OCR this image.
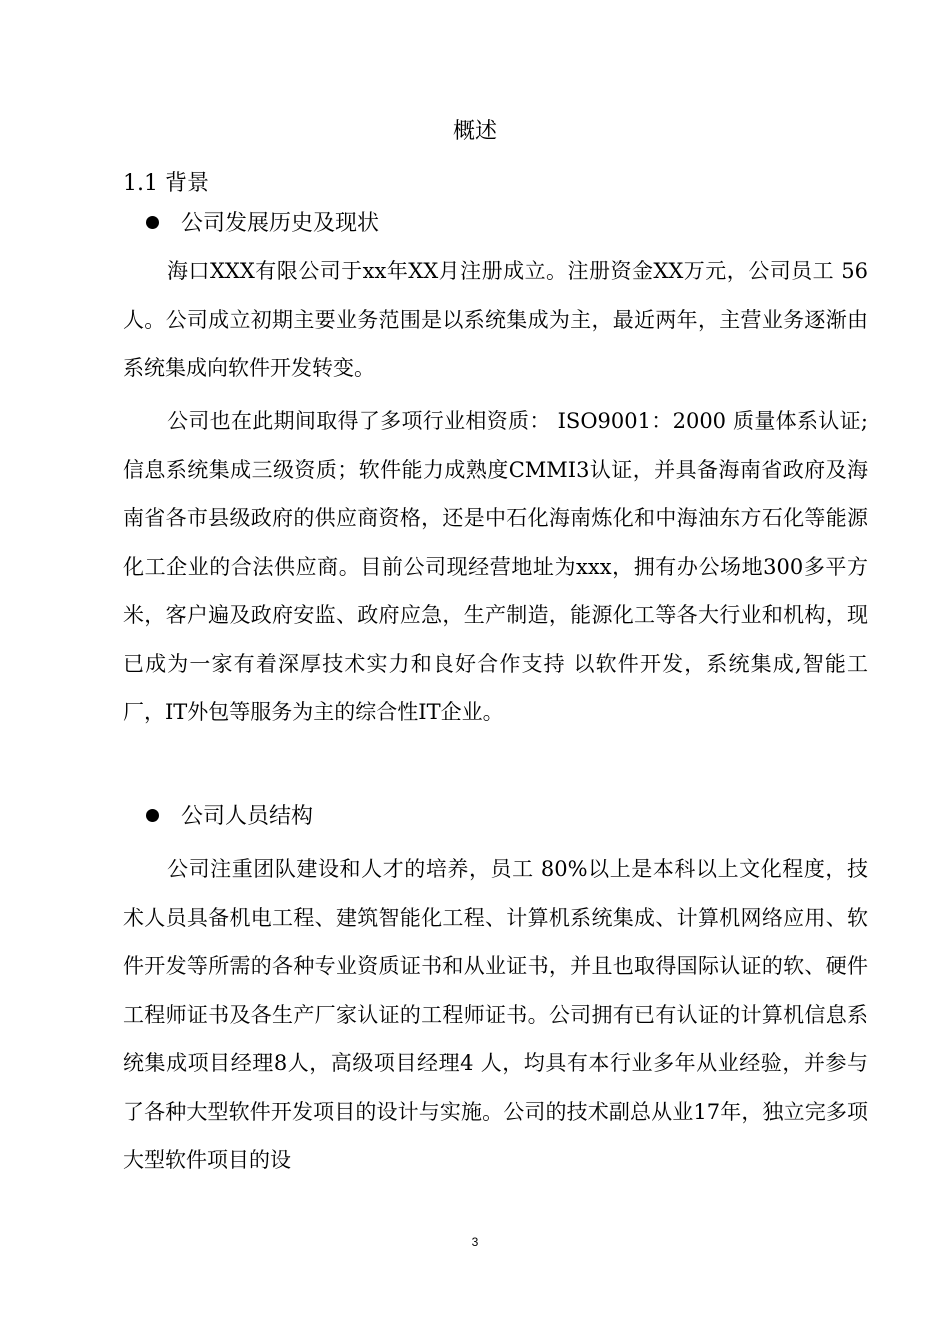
概述
1.1 背景
公司发展历史及现状

海口XXX有限公司于xx年XX月注册成立。注册资金XX万元，公司员工 56 人。公司成立初期主要业务范围是以系统集成为主，最近两年，主营业务逐渐由系统集成向软件开发转变。

公司也在此期间取得了多项行业相资质： ISO9001：2000 质量体系认证;信息系统集成三级资质；软件能力成熟度CMMI3认证，并具备海南省政府及海南省各市县级政府的供应商资格，还是中石化海南炼化和中海油东方石化等能源化工企业的合法供应商。目前公司现经营地址为xxx，拥有办公场地300多平方米，客户遍及政府安监、政府应急，生产制造，能源化工等各大行业和机构，现已成为一家有着深厚技术实力和良好合作支持 以软件开发，系统集成,智能工厂，IT外包等服务为主的综合性IT企业。

公司人员结构

公司注重团队建设和人才的培养，员工 80%以上是本科以上文化程度，技术人员具备机电工程、建筑智能化工程、计算机系统集成、计算机网络应用、软件开发等所需的各种专业资质证书和从业证书，并且也取得国际认证的软、硬件工程师证书及各生产厂家认证的工程师证书。公司拥有已有认证的计算机信息系统集成项目经理8人，高级项目经理4 人，均具有本行业多年从业经验，并参与了各种大型软件开发项目的设计与实施。公司的技术副总从业17年，独立完多项大型软件项目的设

3
